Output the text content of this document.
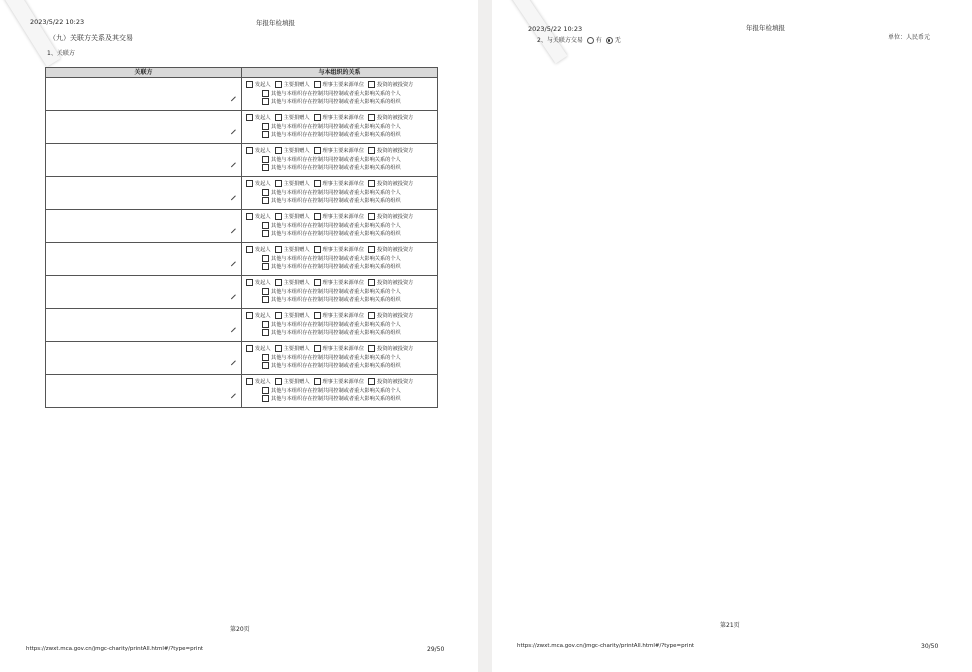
2023/5/22 10:23	年报年检填报
（九）关联方关系及其交易
1、关联方
关联方	与本组织的关系

	发起人 主要捐赠人 理事主要来源单位 投资的被投资方
其他与本组织存在控制共同控制或者重大影响关系的个人
其他与本组织存在控制共同控制或者重大影响关系的组织

	发起人 主要捐赠人 理事主要来源单位 投资的被投资方
其他与本组织存在控制共同控制或者重大影响关系的个人
其他与本组织存在控制共同控制或者重大影响关系的组织

	发起人 主要捐赠人 理事主要来源单位 投资的被投资方
其他与本组织存在控制共同控制或者重大影响关系的个人
其他与本组织存在控制共同控制或者重大影响关系的组织

	发起人 主要捐赠人 理事主要来源单位 投资的被投资方
其他与本组织存在控制共同控制或者重大影响关系的个人
其他与本组织存在控制共同控制或者重大影响关系的组织

	发起人 主要捐赠人 理事主要来源单位 投资的被投资方
其他与本组织存在控制共同控制或者重大影响关系的个人
其他与本组织存在控制共同控制或者重大影响关系的组织

	发起人 主要捐赠人 理事主要来源单位 投资的被投资方
其他与本组织存在控制共同控制或者重大影响关系的个人
其他与本组织存在控制共同控制或者重大影响关系的组织

	发起人 主要捐赠人 理事主要来源单位 投资的被投资方
其他与本组织存在控制共同控制或者重大影响关系的个人
其他与本组织存在控制共同控制或者重大影响关系的组织

	发起人 主要捐赠人 理事主要来源单位 投资的被投资方
其他与本组织存在控制共同控制或者重大影响关系的个人
其他与本组织存在控制共同控制或者重大影响关系的组织

	发起人 主要捐赠人 理事主要来源单位 投资的被投资方
其他与本组织存在控制共同控制或者重大影响关系的个人
其他与本组织存在控制共同控制或者重大影响关系的组织

	发起人 主要捐赠人 理事主要来源单位 投资的被投资方
其他与本组织存在控制共同控制或者重大影响关系的个人
其他与本组织存在控制共同控制或者重大影响关系的组织
第20页
https://zwxt.mca.gov.cn/jmgc-charity/printAll.html#/?type=print	29/50
2023/5/22 10:23	年报年检填报
2、与关联方交易 有 无	单位：人民币元
第21页
https://zwxt.mca.gov.cn/jmgc-charity/printAll.html#/?type=print	30/50
